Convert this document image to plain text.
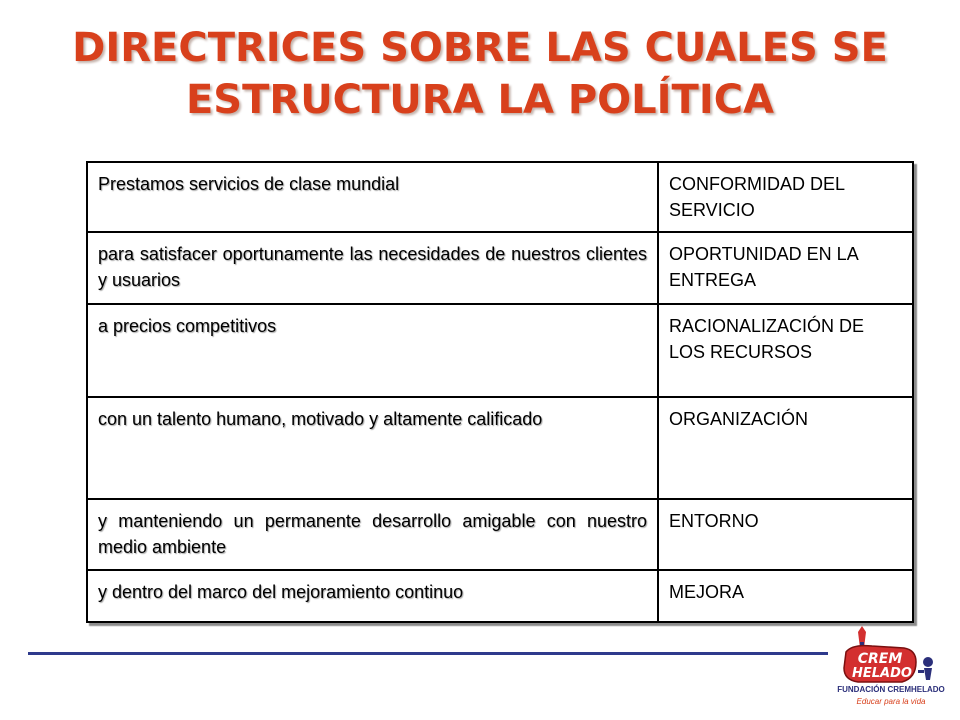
DIRECTRICES SOBRE LAS CUALES SE
ESTRUCTURA LA POLÍTICA
Prestamos servicios de clase mundial	CONFORMIDAD DEL SERVICIO
para satisfacer oportunamente las necesidades de nuestros clientes y usuarios	OPORTUNIDAD EN LA ENTREGA
a precios competitivos	RACIONALIZACIÓN DE LOS RECURSOS
con un talento humano, motivado y altamente calificado	ORGANIZACIÓN
y manteniendo un permanente desarrollo amigable con nuestro medio ambiente	ENTORNO
y dentro del marco del mejoramiento continuo	MEJORA
CREM
HELADO
FUNDACIÓN CREMHELADO
Educar para la vida
